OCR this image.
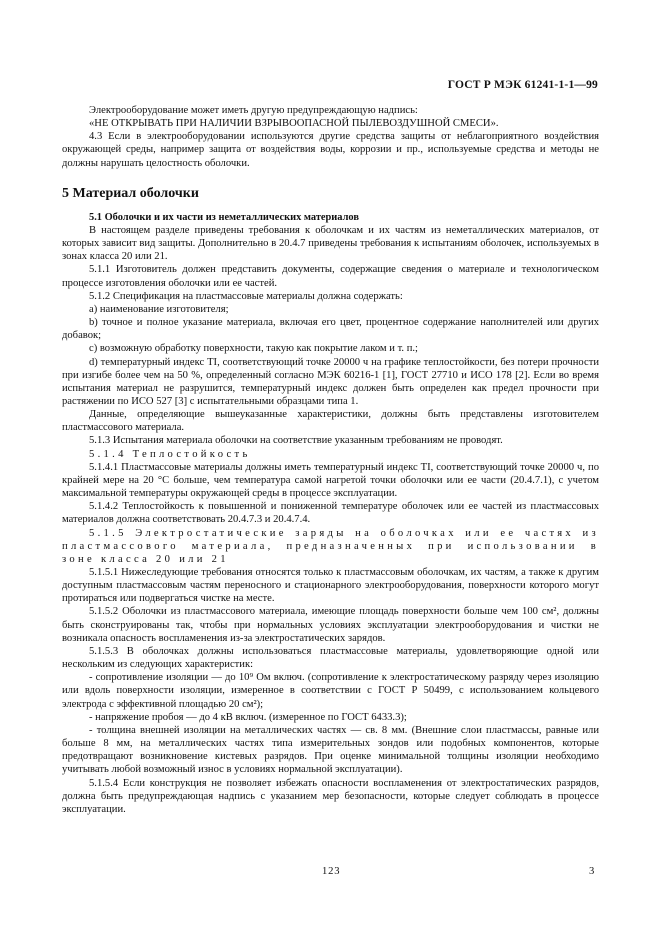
ГОСТ Р МЭК 61241-1-1—99

Электрооборудование может иметь другую предупреждающую надпись:

«НЕ ОТКРЫВАТЬ ПРИ НАЛИЧИИ ВЗРЫВООПАСНОЙ ПЫЛЕВОЗДУШНОЙ СМЕСИ».

4.3 Если в электрооборудовании используются другие средства защиты от неблагоприятного воздействия окружающей среды, например защита от воздействия воды, коррозии и пр., используемые средства и методы не должны нарушать целостность оболочки.

5 Материал оболочки

5.1 Оболочки и их части из неметаллических материалов

В настоящем разделе приведены требования к оболочкам и их частям из неметаллических материалов, от которых зависит вид защиты. Дополнительно в 20.4.7 приведены требования к испытаниям оболочек, используемых в зонах класса 20 или 21.

5.1.1 Изготовитель должен представить документы, содержащие сведения о материале и технологическом процессе изготовления оболочки или ее частей.

5.1.2 Спецификация на пластмассовые материалы должна содержать:

а) наименование изготовителя;

b) точное и полное указание материала, включая его цвет, процентное содержание наполнителей или других добавок;

с) возможную обработку поверхности, такую как покрытие лаком и т. п.;

d) температурный индекс TI, соответствующий точке 20000 ч на графике теплостойкости, без потери прочности при изгибе более чем на 50 %, определенный согласно МЭК 60216-1 [1], ГОСТ 27710 и ИСО 178 [2]. Если во время испытания материал не разрушится, температурный индекс должен быть определен как предел прочности при растяжении по ИСО 527 [3] с испытательными образцами типа 1.

Данные, определяющие вышеуказанные характеристики, должны быть представлены изготовителем пластмассового материала.

5.1.3 Испытания материала оболочки на соответствие указанным требованиям не проводят.

5.1.4 Теплостойкость

5.1.4.1 Пластмассовые материалы должны иметь температурный индекс TI, соответствующий точке 20000 ч, по крайней мере на 20 °С больше, чем температура самой нагретой точки оболочки или ее части (20.4.7.1), с учетом максимальной температуры окружающей среды в процессе эксплуатации.

5.1.4.2 Теплостойкость к повышенной и пониженной температуре оболочек или ее частей из пластмассовых материалов должна соответствовать 20.4.7.3 и 20.4.7.4.

5.1.5 Электростатические заряды на оболочках или ее частях из пластмассового материала, предназначенных при использовании в зоне класса 20 или 21

5.1.5.1 Нижеследующие требования относятся только к пластмассовым оболочкам, их частям, а также к другим доступным пластмассовым частям переносного и стационарного электрооборудования, поверхности которого могут протираться или подвергаться чистке на месте.

5.1.5.2 Оболочки из пластмассового материала, имеющие площадь поверхности больше чем 100 см², должны быть сконструированы так, чтобы при нормальных условиях эксплуатации электрооборудования и чистки не возникала опасность воспламенения из-за электростатических зарядов.

5.1.5.3 В оболочках должны использоваться пластмассовые материалы, удовлетворяющие одной или нескольким из следующих характеристик:

- сопротивление изоляции — до 10⁹ Ом включ. (сопротивление к электростатическому разряду через изоляцию или вдоль поверхности изоляции, измеренное в соответствии с ГОСТ Р 50499, с использованием кольцевого электрода с эффективной площадью 20 см²);

- напряжение пробоя — до 4 кВ включ. (измеренное по ГОСТ 6433.3);

- толщина внешней изоляции на металлических частях — св. 8 мм. (Внешние слои пластмассы, равные или больше 8 мм, на металлических частях типа измерительных зондов или подобных компонентов, которые предотвращают возникновение кистевых разрядов. При оценке минимальной толщины изоляции необходимо учитывать любой возможный износ в условиях нормальной эксплуатации).

5.1.5.4 Если конструкция не позволяет избежать опасности воспламенения от электростатических разрядов, должна быть предупреждающая надпись с указанием мер безопасности, которые следует соблюдать в процессе эксплуатации.

123	3
